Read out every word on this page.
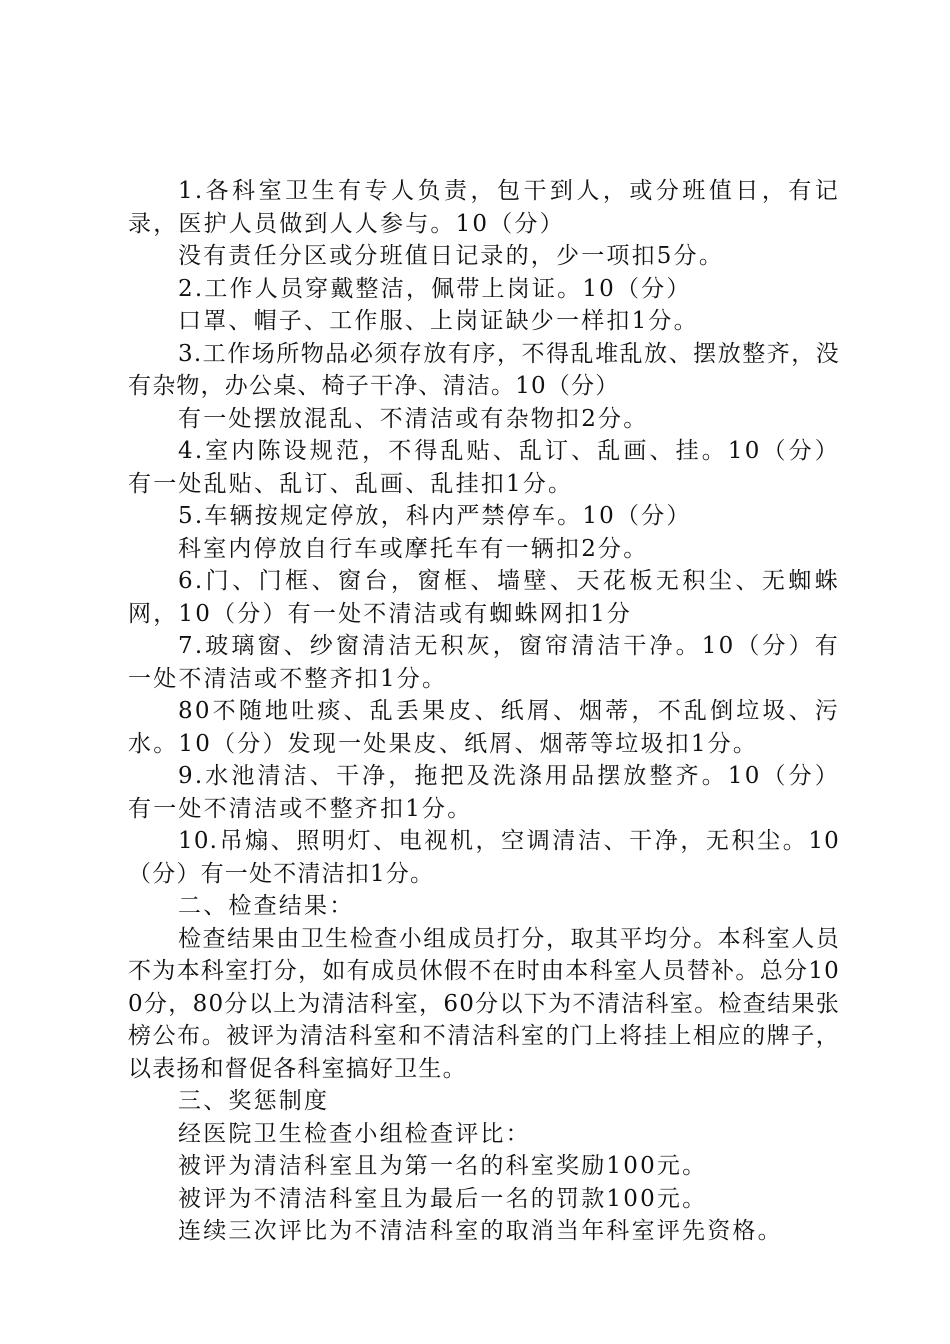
1.各科室卫生有专人负责，包干到人，或分班值日，有记录，医护人员做到人人参与。10（分）

没有责任分区或分班值日记录的，少一项扣5分。

2.工作人员穿戴整洁，佩带上岗证。10（分）

口罩、帽子、工作服、上岗证缺少一样扣1分。

3.工作场所物品必须存放有序，不得乱堆乱放、摆放整齐，没有杂物，办公桌、椅子干净、清洁。10（分）

有一处摆放混乱、不清洁或有杂物扣2分。

4.室内陈设规范，不得乱贴、乱订、乱画、挂。10（分）有一处乱贴、乱订、乱画、乱挂扣1分。

5.车辆按规定停放，科内严禁停车。10（分）

科室内停放自行车或摩托车有一辆扣2分。

6.门、门框、窗台，窗框、墙壁、天花板无积尘、无蜘蛛网，10（分）有一处不清洁或有蜘蛛网扣1分

7.玻璃窗、纱窗清洁无积灰，窗帘清洁干净。10（分）有一处不清洁或不整齐扣1分。

80不随地吐痰、乱丢果皮、纸屑、烟蒂，不乱倒垃圾、污水。10（分）发现一处果皮、纸屑、烟蒂等垃圾扣1分。

9.水池清洁、干净，拖把及洗涤用品摆放整齐。10（分）有一处不清洁或不整齐扣1分。

10.吊煽、照明灯、电视机，空调清洁、干净，无积尘。10（分）有一处不清洁扣1分。

二、检查结果：

检查结果由卫生检查小组成员打分，取其平均分。本科室人员不为本科室打分，如有成员休假不在时由本科室人员替补。总分100分，80分以上为清洁科室，60分以下为不清洁科室。检查结果张榜公布。被评为清洁科室和不清洁科室的门上将挂上相应的牌子，以表扬和督促各科室搞好卫生。

三、奖惩制度

经医院卫生检查小组检查评比：

被评为清洁科室且为第一名的科室奖励100元。

被评为不清洁科室且为最后一名的罚款100元。

连续三次评比为不清洁科室的取消当年科室评先资格。
